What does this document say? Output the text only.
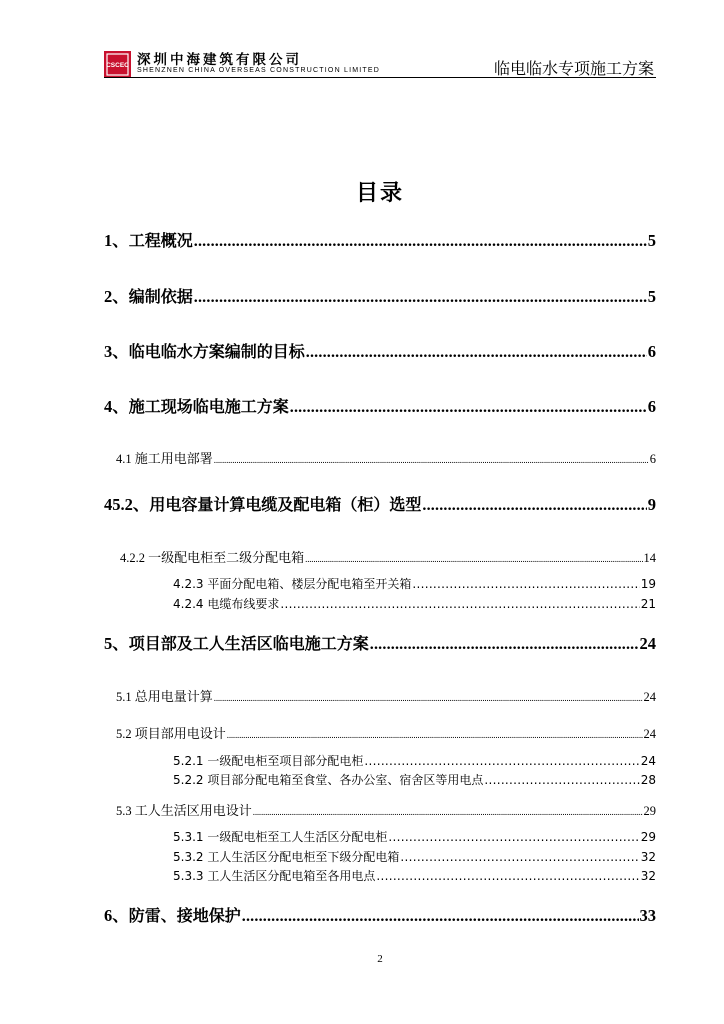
CSCEC 深圳中海建筑有限公司
SHENZNEN CHINA OVERSEAS CONSTRUCTION LIMITED	临电临水专项施工方案
目录
1、工程概况 .....	5
2、编制依据 .....	5
3、临电临水方案编制的目标 .....	6
4、施工现场临电施工方案 .....	6
4.1 施工用电部署 .....	6
45.2、用电容量计算电缆及配电箱（柜）选型 .....	9
4.2.2 一级配电柜至二级分配电箱 .....	14
4.2.3 平面分配电箱、楼层分配电箱至开关箱 .....	19
4.2.4 电缆布线要求 .....	21
5、项目部及工人生活区临电施工方案 .....	24
5.1 总用电量计算 .....	24
5.2 项目部用电设计 .....	24
5.2.1 一级配电柜至项目部分配电柜 .....	24
5.2.2 项目部分配电箱至食堂、各办公室、宿舍区等用电点 .....	28
5.3 工人生活区用电设计 .....	29
5.3.1 一级配电柜至工人生活区分配电柜 .....	29
5.3.2 工人生活区分配电柜至下级分配电箱 .....	32
5.3.3 工人生活区分配电箱至各用电点 .....	32
6、防雷、接地保护 .....	33
2
